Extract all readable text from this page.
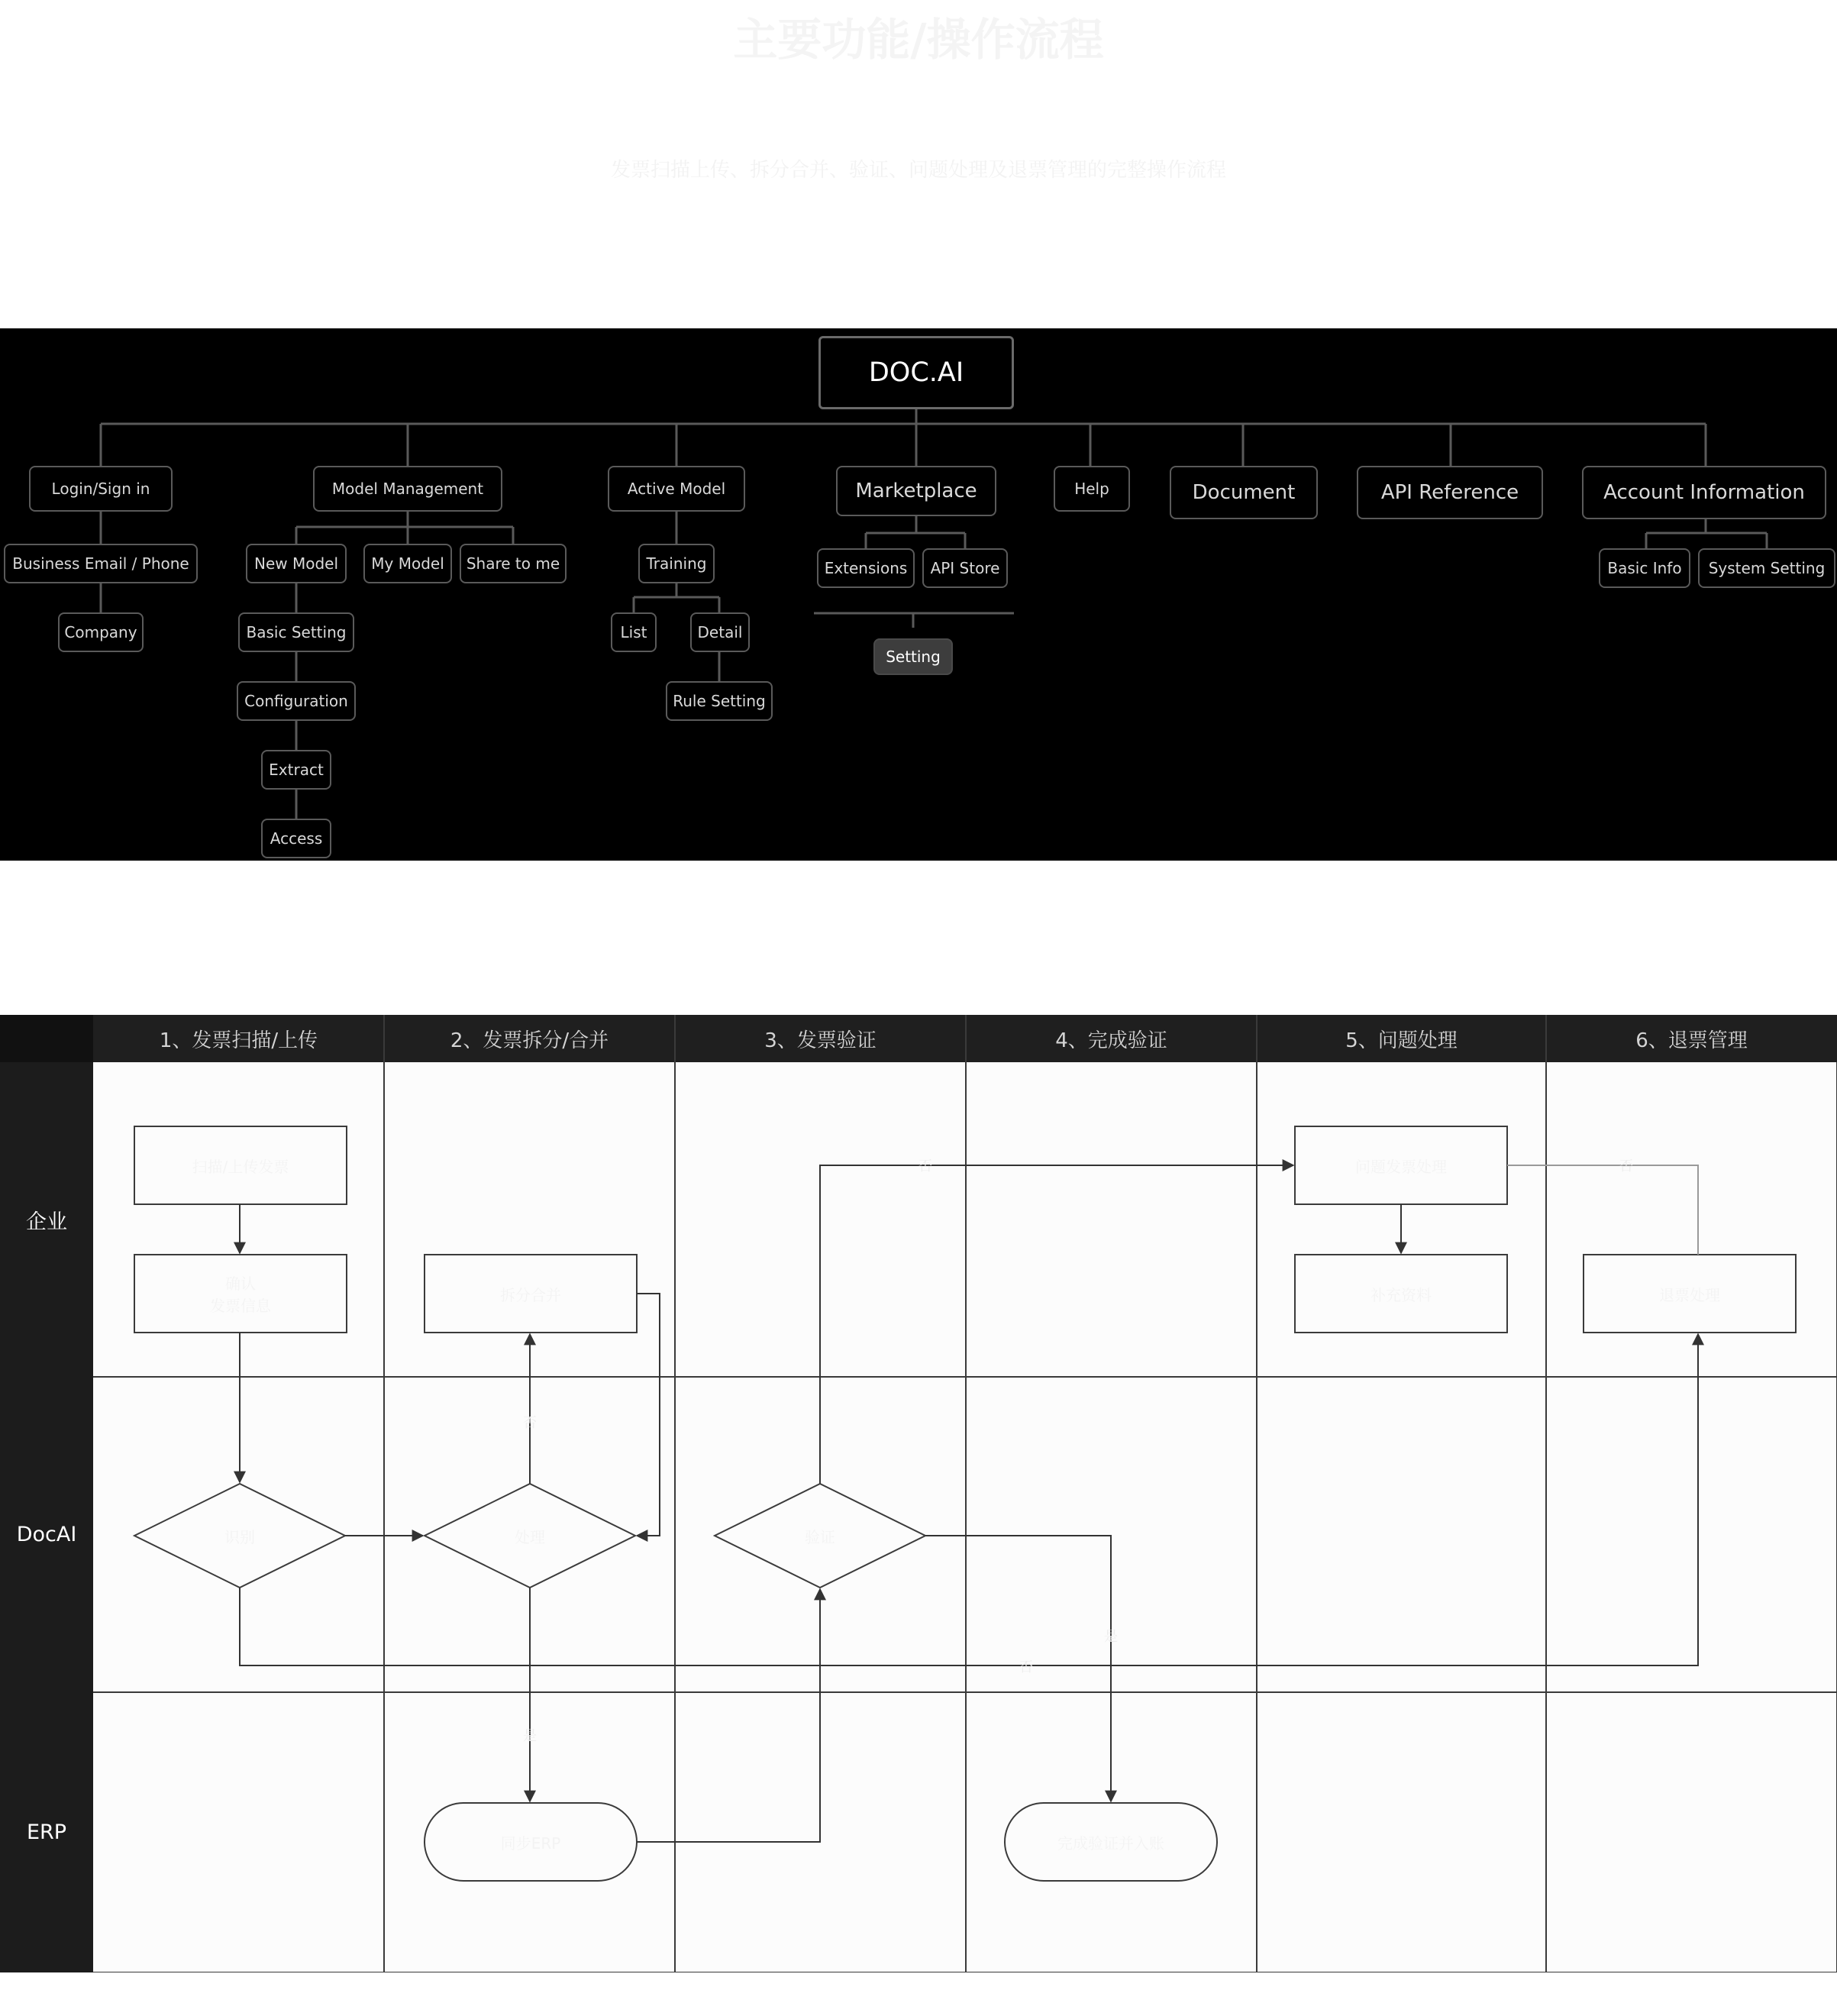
主要功能/操作流程
发票扫描上传、拆分合并、验证、问题处理及退票管理的完整操作流程
DOC.AI
Login/Sign in	Model Management	Active Model	Marketplace	Help	Document	API Reference	Account Information
Business Email / Phone
Company
New Model	My Model	Share to me
Basic Setting
Configuration
Extract
Access
Training
List	Detail
Rule Setting
Extensions	API Store
Setting
Basic Info	System Setting
否	否
否
是
是
否
1、发票扫描/上传	2、发票拆分/合并	3、发票验证	4、完成验证	5、问题处理	6、退票管理
企业
DocAI
ERP
扫描/上传发票
确认
发票信息
识别
拆分合并
处理
同步ERP
验证
完成验证并入账
问题发票处理
补充资料	退票处理
